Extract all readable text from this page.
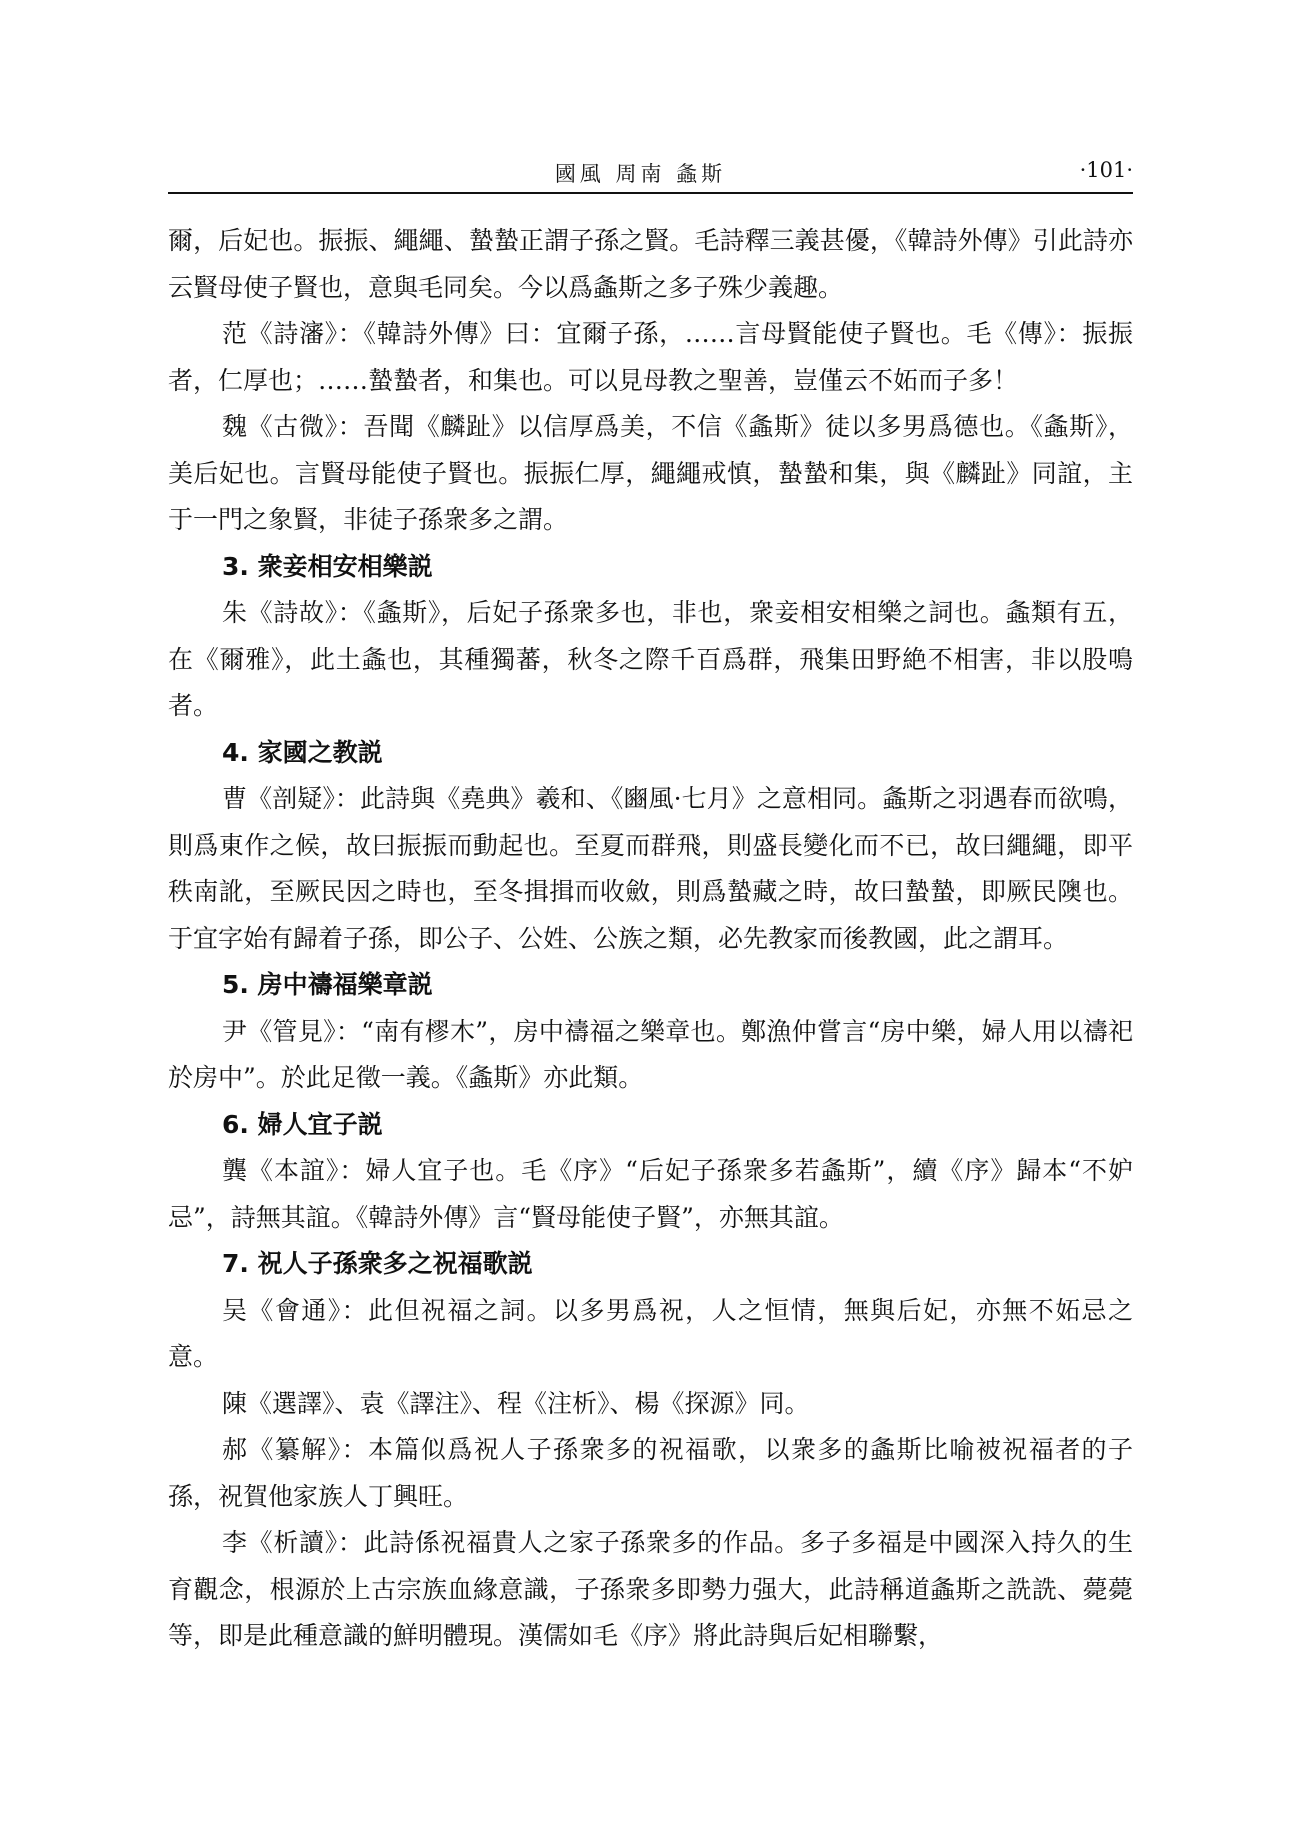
國風 周南 螽斯	·101·

爾，后妃也。振振、繩繩、蟄蟄正謂子孫之賢。毛詩釋三義甚優，《韓詩外傳》引此詩亦云賢母使子賢也，意與毛同矣。今以爲螽斯之多子殊少義趣。

范《詩瀋》：《韓詩外傳》曰：宜爾子孫，……言母賢能使子賢也。毛《傳》：振振者，仁厚也；……蟄蟄者，和集也。可以見母教之聖善，豈僅云不妬而子多！

魏《古微》：吾聞《麟趾》以信厚爲美，不信《螽斯》徒以多男爲德也。《螽斯》，美后妃也。言賢母能使子賢也。振振仁厚，繩繩戒慎，蟄蟄和集，與《麟趾》同誼，主于一門之象賢，非徒子孫衆多之謂。

3. 衆妾相安相樂説

朱《詩故》：《螽斯》，后妃子孫衆多也，非也，衆妾相安相樂之詞也。螽類有五，在《爾雅》，此土螽也，其種獨蕃，秋冬之際千百爲群，飛集田野絶不相害，非以股鳴者。

4. 家國之教説

曹《剖疑》：此詩與《堯典》羲和、《豳風·七月》之意相同。螽斯之羽遇春而欲鳴，則爲東作之候，故曰振振而動起也。至夏而群飛，則盛長變化而不已，故曰繩繩，即平秩南訛，至厥民因之時也，至冬揖揖而收斂，則爲蟄藏之時，故曰蟄蟄，即厥民隩也。于宜字始有歸着子孫，即公子、公姓、公族之類，必先教家而後教國，此之謂耳。

5. 房中禱福樂章説

尹《管見》：“南有樛木”，房中禱福之樂章也。鄭漁仲嘗言“房中樂，婦人用以禱祀於房中”。於此足徵一義。《螽斯》亦此類。

6. 婦人宜子説

龔《本誼》：婦人宜子也。毛《序》“后妃子孫衆多若螽斯”，續《序》歸本“不妒忌”，詩無其誼。《韓詩外傳》言“賢母能使子賢”，亦無其誼。

7. 祝人子孫衆多之祝福歌説

吴《會通》：此但祝福之詞。以多男爲祝，人之恒情，無與后妃，亦無不妬忌之意。

陳《選譯》、袁《譯注》、程《注析》、楊《探源》同。

郝《纂解》：本篇似爲祝人子孫衆多的祝福歌，以衆多的螽斯比喻被祝福者的子孫，祝賀他家族人丁興旺。

李《析讀》：此詩係祝福貴人之家子孫衆多的作品。多子多福是中國深入持久的生育觀念，根源於上古宗族血緣意識，子孫衆多即勢力强大，此詩稱道螽斯之詵詵、薨薨等，即是此種意識的鮮明體現。漢儒如毛《序》將此詩與后妃相聯繫，
